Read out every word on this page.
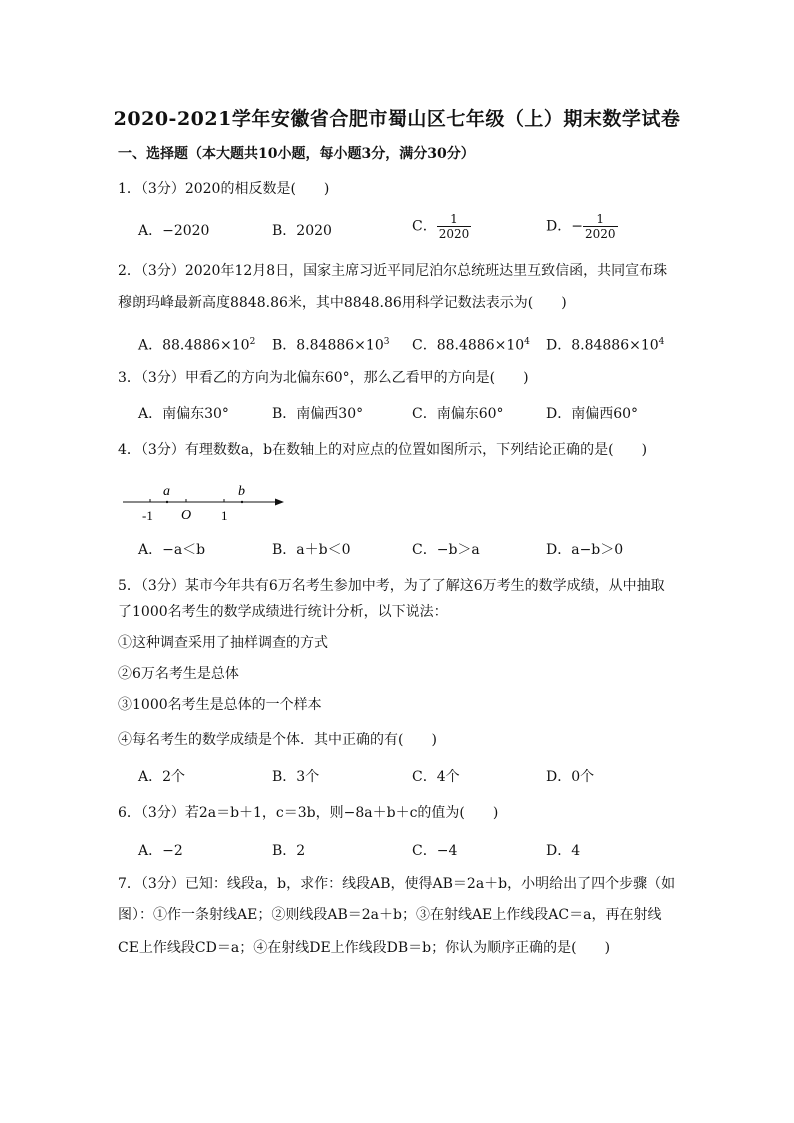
2020-2021学年安徽省合肥市蜀山区七年级（上）期末数学试卷
一、选择题（本大题共10小题，每小题3分，满分30分）
1．（3分）2020的相反数是(　　)
A．−2020	B．2020	C． $\frac{1}{2020}$	D．− $\frac{1}{2020}$
2．（3分）2020年12月8日，国家主席习近平同尼泊尔总统班达里互致信函，共同宣布珠
穆朗玛峰最新高度8848.86米，其中8848.86用科学记数法表示为(　　)
A．$88.4886\times 10^2$ B．$8.84886\times 10^3$ C．$88.4886\times 10^4$ D．$8.84886\times 10^4$
3．（3分）甲看乙的方向为北偏东60°，那么乙看甲的方向是(　　)
A．南偏东30°	B．南偏西30°	C．南偏东60°	D．南偏西60°
4．（3分）有理数数a，b在数轴上的对应点的位置如图所示，下列结论正确的是(　　)
a	b
-1 O 1
A．−a＜b	B．a＋b＜0	C．−b＞a	D．a−b＞0
5．（3分）某市今年共有6万名考生参加中考，为了了解这6万考生的数学成绩，从中抽取
了1000名考生的数学成绩进行统计分析，以下说法：
①这种调查采用了抽样调查的方式
②6万名考生是总体
③1000名考生是总体的一个样本
④每名考生的数学成绩是个体．其中正确的有(　　)
A．2个	B．3个	C．4个	D．0个
6．（3分）若2a＝b＋1，c＝3b，则−8a＋b＋c的值为(　　)
A．−2	B．2	C．−4	D．4
7．（3分）已知：线段a，b，求作：线段AB，使得AB＝2a＋b，小明给出了四个步骤（如
图）：①作一条射线AE；②则线段AB＝2a＋b；③在射线AE上作线段AC＝a，再在射线
CE上作线段CD＝a；④在射线DE上作线段DB＝b；你认为顺序正确的是(　　)
